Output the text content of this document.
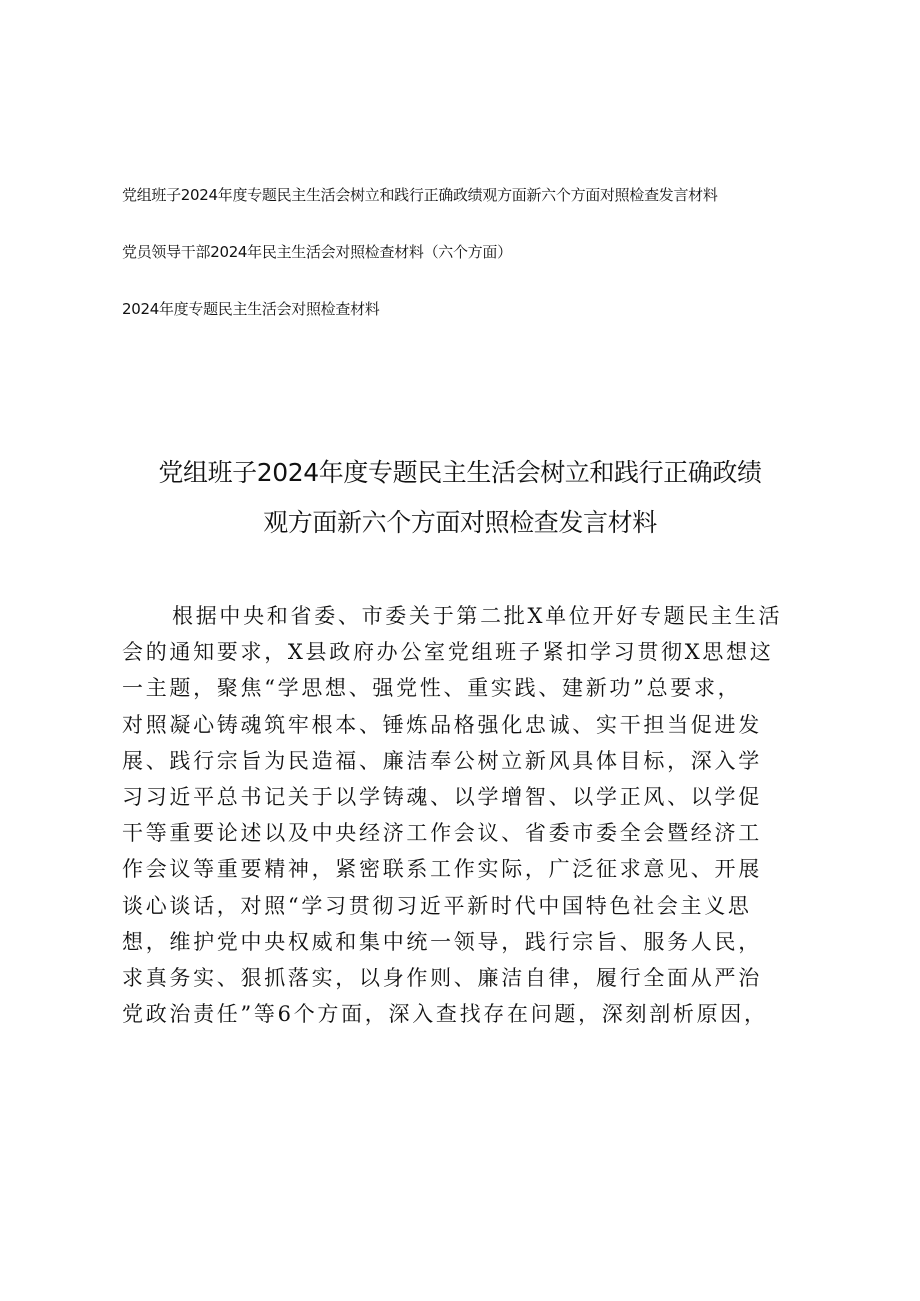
党组班子2024年度专题民主生活会树立和践行正确政绩观方面新六个方面对照检查发言材料
党员领导干部2024年民主生活会对照检查材料（六个方面）
2024年度专题民主生活会对照检查材料
党组班子2024年度专题民主生活会树立和践行正确政绩
观方面新六个方面对照检查发言材料
根据中央和省委、市委关于第二批X单位开好专题民主生活
会的通知要求，X县政府办公室党组班子紧扣学习贯彻X思想这
一主题，聚焦“学思想、强党性、重实践、建新功”总要求，
对照凝心铸魂筑牢根本、锤炼品格强化忠诚、实干担当促进发
展、践行宗旨为民造福、廉洁奉公树立新风具体目标，深入学
习习近平总书记关于以学铸魂、以学增智、以学正风、以学促
干等重要论述以及中央经济工作会议、省委市委全会暨经济工
作会议等重要精神，紧密联系工作实际，广泛征求意见、开展
谈心谈话，对照“学习贯彻习近平新时代中国特色社会主义思
想，维护党中央权威和集中统一领导，践行宗旨、服务人民，
求真务实、狠抓落实，以身作则、廉洁自律，履行全面从严治
党政治责任”等6个方面，深入查找存在问题，深刻剖析原因，
